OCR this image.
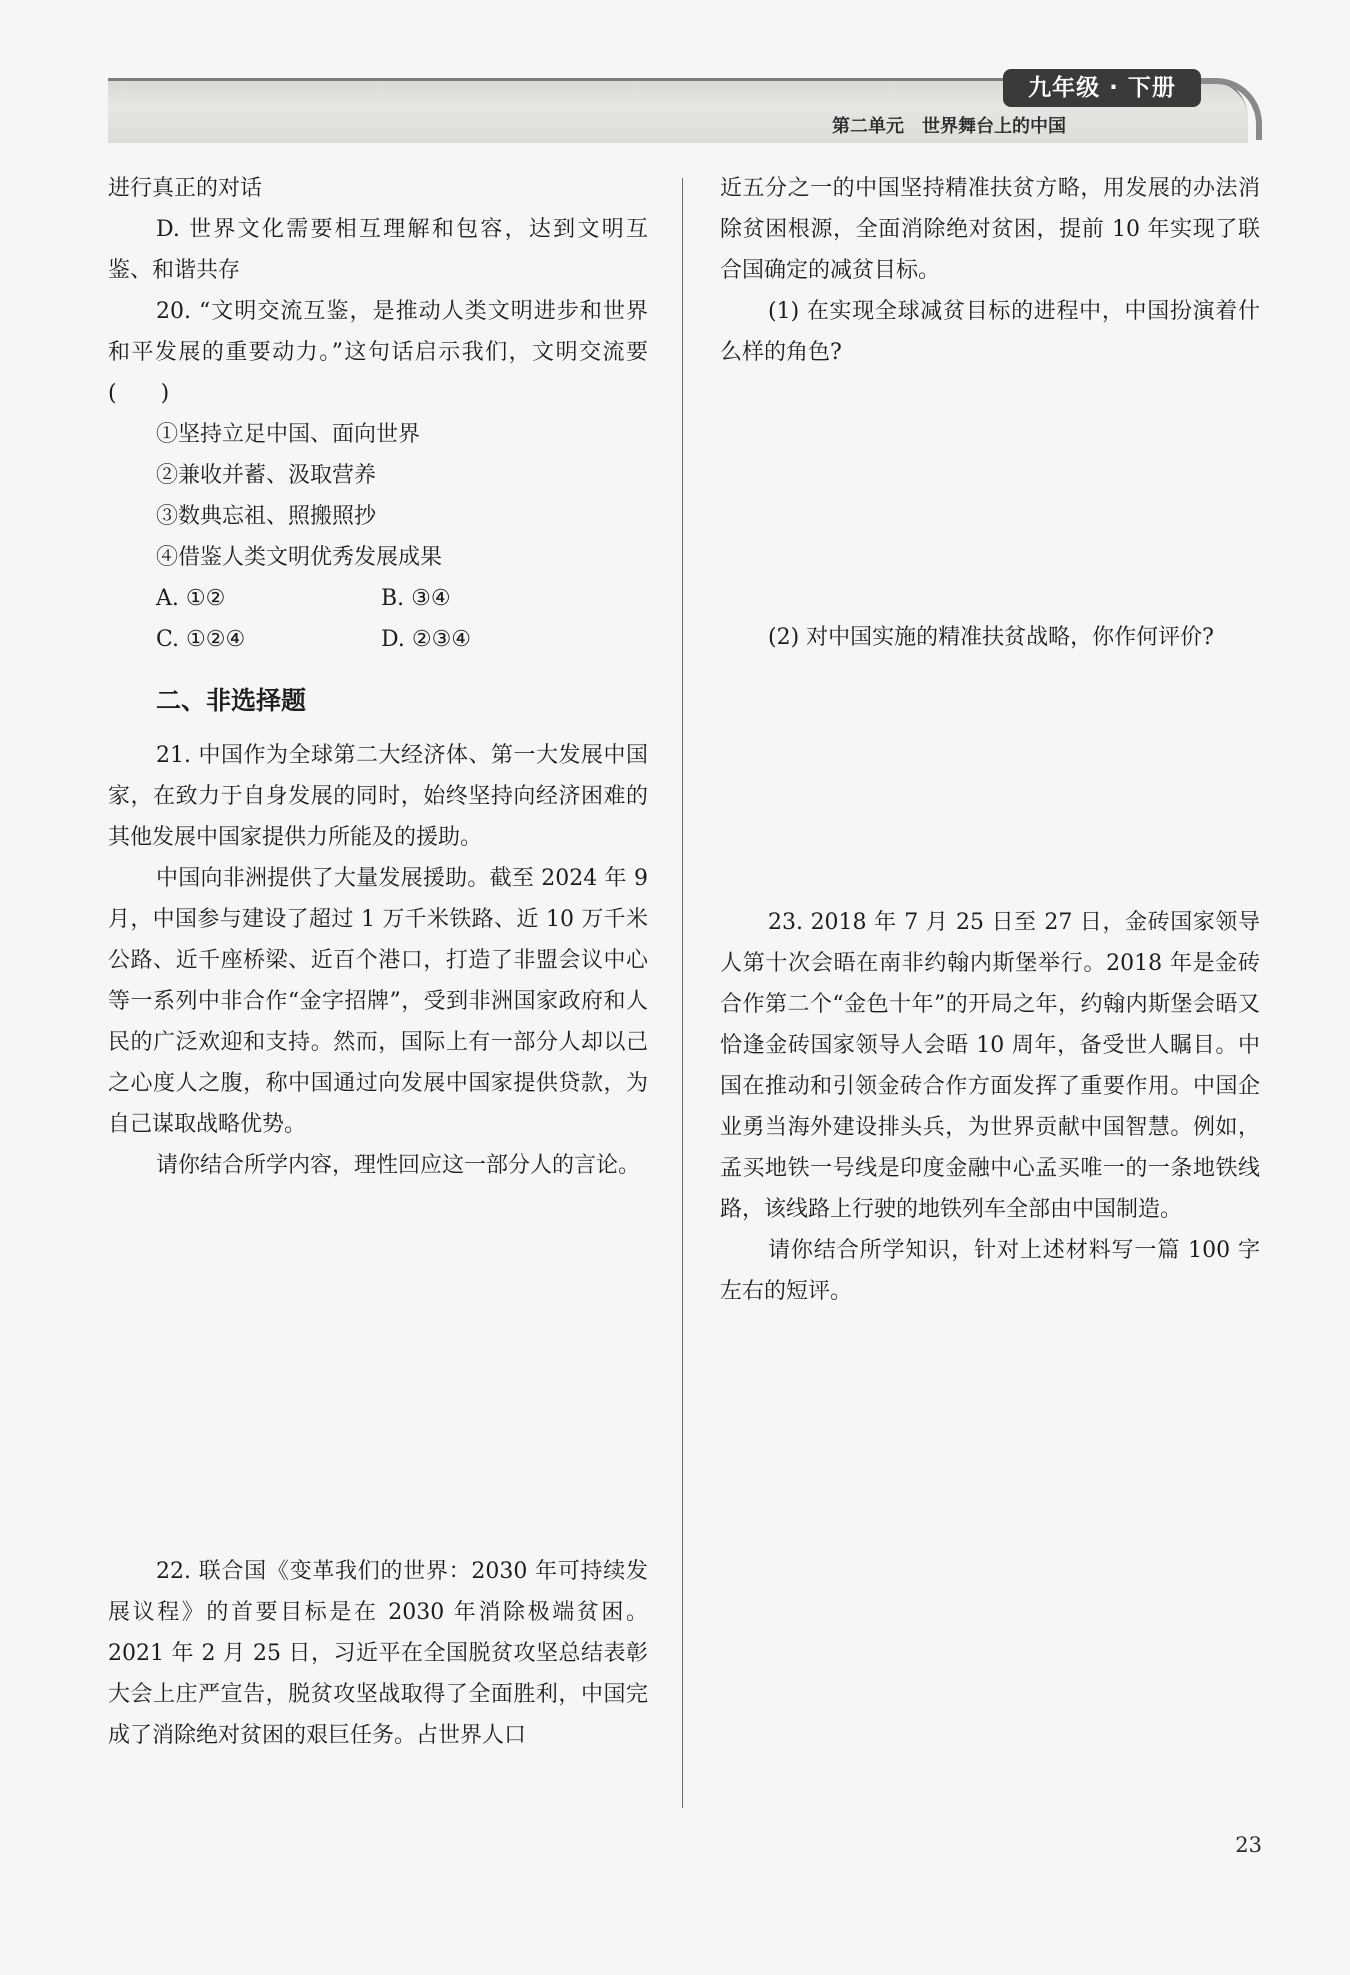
九年级 · 下册
第二单元　世界舞台上的中国

进行真正的对话

D. 世界文化需要相互理解和包容，达到文明互鉴、和谐共存

20. “文明交流互鉴，是推动人类文明进步和世界和平发展的重要动力。”这句话启示我们，文明交流要(　　)

①坚持立足中国、面向世界

②兼收并蓄、汲取营养

③数典忘祖、照搬照抄

④借鉴人类文明优秀发展成果

A. ①②	B. ③④
C. ①②④	D. ②③④
二、非选择题

21. 中国作为全球第二大经济体、第一大发展中国家，在致力于自身发展的同时，始终坚持向经济困难的其他发展中国家提供力所能及的援助。

中国向非洲提供了大量发展援助。截至 2024 年 9 月，中国参与建设了超过 1 万千米铁路、近 10 万千米公路、近千座桥梁、近百个港口，打造了非盟会议中心等一系列中非合作“金字招牌”，受到非洲国家政府和人民的广泛欢迎和支持。然而，国际上有一部分人却以己之心度人之腹，称中国通过向发展中国家提供贷款，为自己谋取战略优势。

请你结合所学内容，理性回应这一部分人的言论。

22. 联合国《变革我们的世界：2030 年可持续发展议程》的首要目标是在 2030 年消除极端贫困。2021 年 2 月 25 日，习近平在全国脱贫攻坚总结表彰大会上庄严宣告，脱贫攻坚战取得了全面胜利，中国完成了消除绝对贫困的艰巨任务。占世界人口

近五分之一的中国坚持精准扶贫方略，用发展的办法消除贫困根源，全面消除绝对贫困，提前 10 年实现了联合国确定的减贫目标。

(1) 在实现全球减贫目标的进程中，中国扮演着什么样的角色?

(2) 对中国实施的精准扶贫战略，你作何评价?

23. 2018 年 7 月 25 日至 27 日，金砖国家领导人第十次会晤在南非约翰内斯堡举行。2018 年是金砖合作第二个“金色十年”的开局之年，约翰内斯堡会晤又恰逢金砖国家领导人会晤 10 周年，备受世人瞩目。中国在推动和引领金砖合作方面发挥了重要作用。中国企业勇当海外建设排头兵，为世界贡献中国智慧。例如，孟买地铁一号线是印度金融中心孟买唯一的一条地铁线路，该线路上行驶的地铁列车全部由中国制造。

请你结合所学知识，针对上述材料写一篇 100 字左右的短评。

23
